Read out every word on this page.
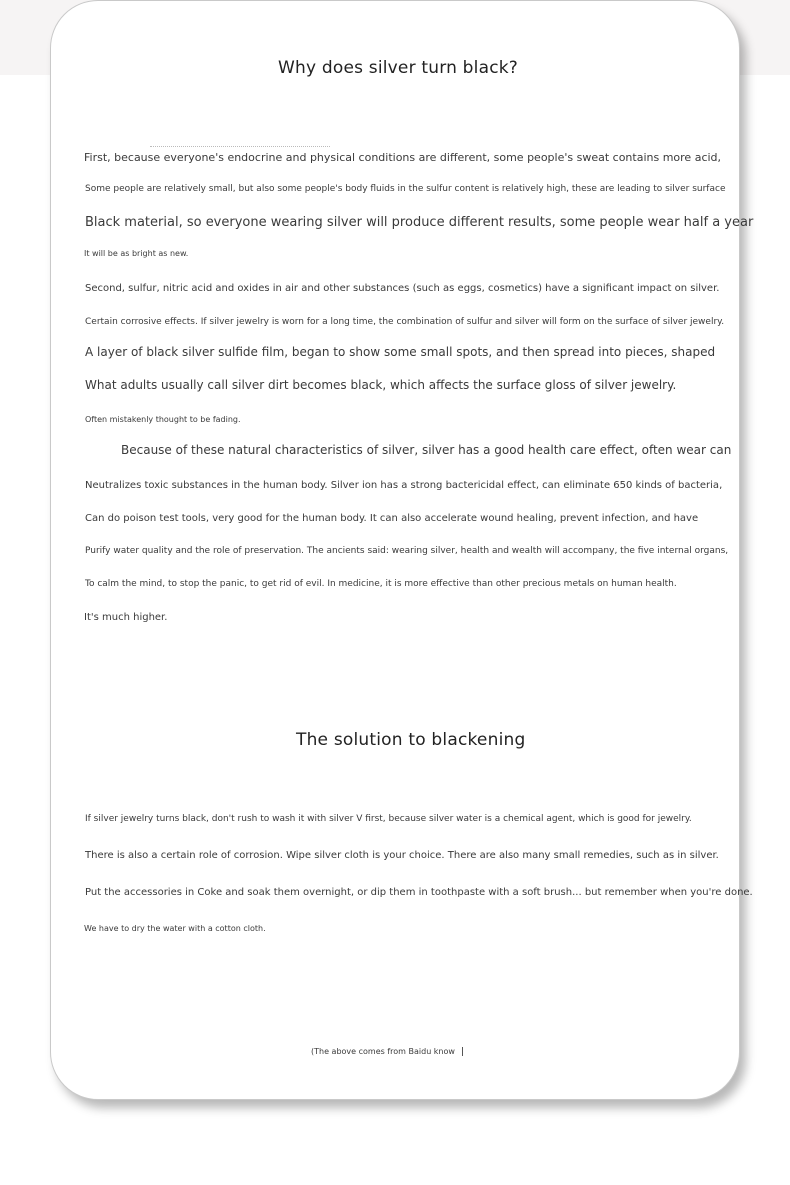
Why does silver turn black?
First, because everyone's endocrine and physical conditions are different, some people's sweat contains more acid,
Some people are relatively small, but also some people's body fluids in the sulfur content is relatively high, these are leading to silver surface
Black material, so everyone wearing silver will produce different results, some people wear half a year
It will be as bright as new.
Second, sulfur, nitric acid and oxides in air and other substances (such as eggs, cosmetics) have a significant impact on silver.
Certain corrosive effects. If silver jewelry is worn for a long time, the combination of sulfur and silver will form on the surface of silver jewelry.
A layer of black silver sulfide film, began to show some small spots, and then spread into pieces, shaped
What adults usually call silver dirt becomes black, which affects the surface gloss of silver jewelry.
Often mistakenly thought to be fading.
Because of these natural characteristics of silver, silver has a good health care effect, often wear can
Neutralizes toxic substances in the human body. Silver ion has a strong bactericidal effect, can eliminate 650 kinds of bacteria,
Can do poison test tools, very good for the human body. It can also accelerate wound healing, prevent infection, and have
Purify water quality and the role of preservation. The ancients said: wearing silver, health and wealth will accompany, the five internal organs,
To calm the mind, to stop the panic, to get rid of evil. In medicine, it is more effective than other precious metals on human health.
It's much higher.
The solution to blackening
If silver jewelry turns black, don't rush to wash it with silver V first, because silver water is a chemical agent, which is good for jewelry.
There is also a certain role of corrosion. Wipe silver cloth is your choice. There are also many small remedies, such as in silver.
Put the accessories in Coke and soak them overnight, or dip them in toothpaste with a soft brush... but remember when you're done.
We have to dry the water with a cotton cloth.
(The above comes from Baidu know
